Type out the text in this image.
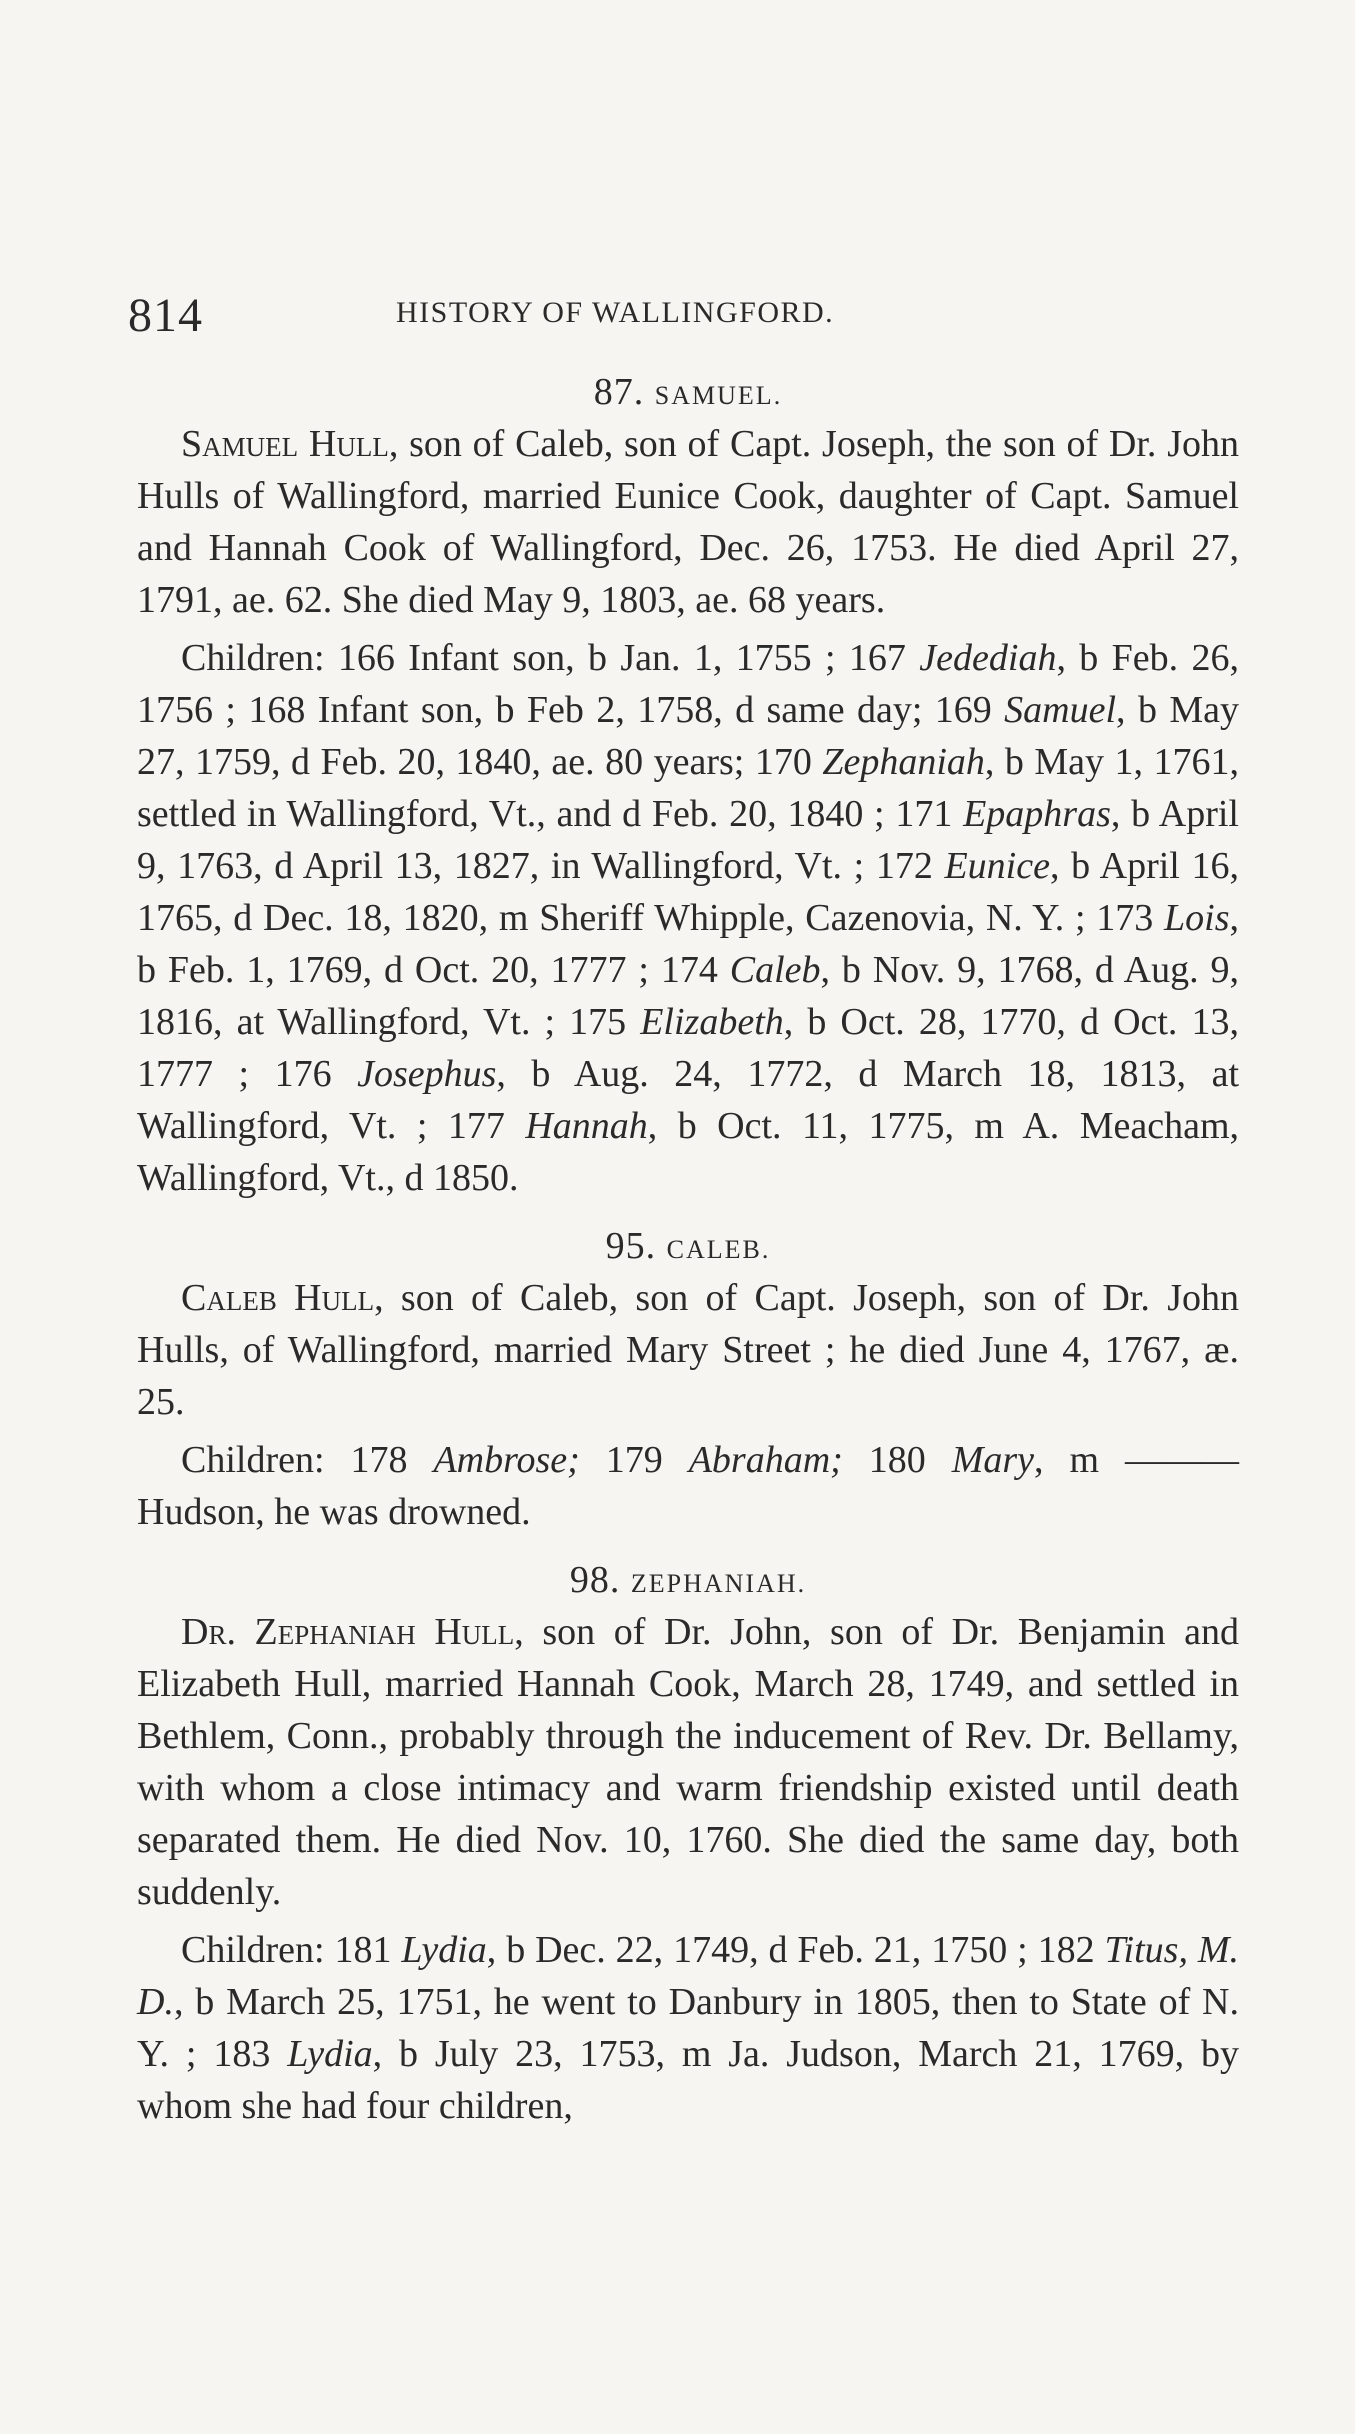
814	HISTORY OF WALLINGFORD.
87. SAMUEL.

Samuel Hull, son of Caleb, son of Capt. Joseph, the son of Dr. John Hulls of Wallingford, married Eunice Cook, daughter of Capt. Samuel and Hannah Cook of Wallingford, Dec. 26, 1753. He died April 27, 1791, ae. 62. She died May 9, 1803, ae. 68 years.

Children: 166 Infant son, b Jan. 1, 1755 ; 167 Jedediah, b Feb. 26, 1756 ; 168 Infant son, b Feb 2, 1758, d same day; 169 Samuel, b May 27, 1759, d Feb. 20, 1840, ae. 80 years; 170 Zephaniah, b May 1, 1761, settled in Wallingford, Vt., and d Feb. 20, 1840 ; 171 Epaphras, b April 9, 1763, d April 13, 1827, in Wallingford, Vt. ; 172 Eunice, b April 16, 1765, d Dec. 18, 1820, m Sheriff Whipple, Cazenovia, N. Y. ; 173 Lois, b Feb. 1, 1769, d Oct. 20, 1777 ; 174 Caleb, b Nov. 9, 1768, d Aug. 9, 1816, at Wallingford, Vt. ; 175 Elizabeth, b Oct. 28, 1770, d Oct. 13, 1777 ; 176 Josephus, b Aug. 24, 1772, d March 18, 1813, at Wallingford, Vt. ; 177 Hannah, b Oct. 11, 1775, m A. Meacham, Wallingford, Vt., d 1850.

95. CALEB.

Caleb Hull, son of Caleb, son of Capt. Joseph, son of Dr. John Hulls, of Wallingford, married Mary Street ; he died June 4, 1767, æ. 25.

Children: 178 Ambrose; 179 Abraham; 180 Mary, m ——— Hudson, he was drowned.

98. ZEPHANIAH.

Dr. Zephaniah Hull, son of Dr. John, son of Dr. Benjamin and Elizabeth Hull, married Hannah Cook, March 28, 1749, and settled in Bethlem, Conn., probably through the inducement of Rev. Dr. Bellamy, with whom a close intimacy and warm friendship existed until death separated them. He died Nov. 10, 1760. She died the same day, both suddenly.

Children: 181 Lydia, b Dec. 22, 1749, d Feb. 21, 1750 ; 182 Titus, M. D., b March 25, 1751, he went to Danbury in 1805, then to State of N. Y. ; 183 Lydia, b July 23, 1753, m Ja. Judson, March 21, 1769, by whom she had four children,
